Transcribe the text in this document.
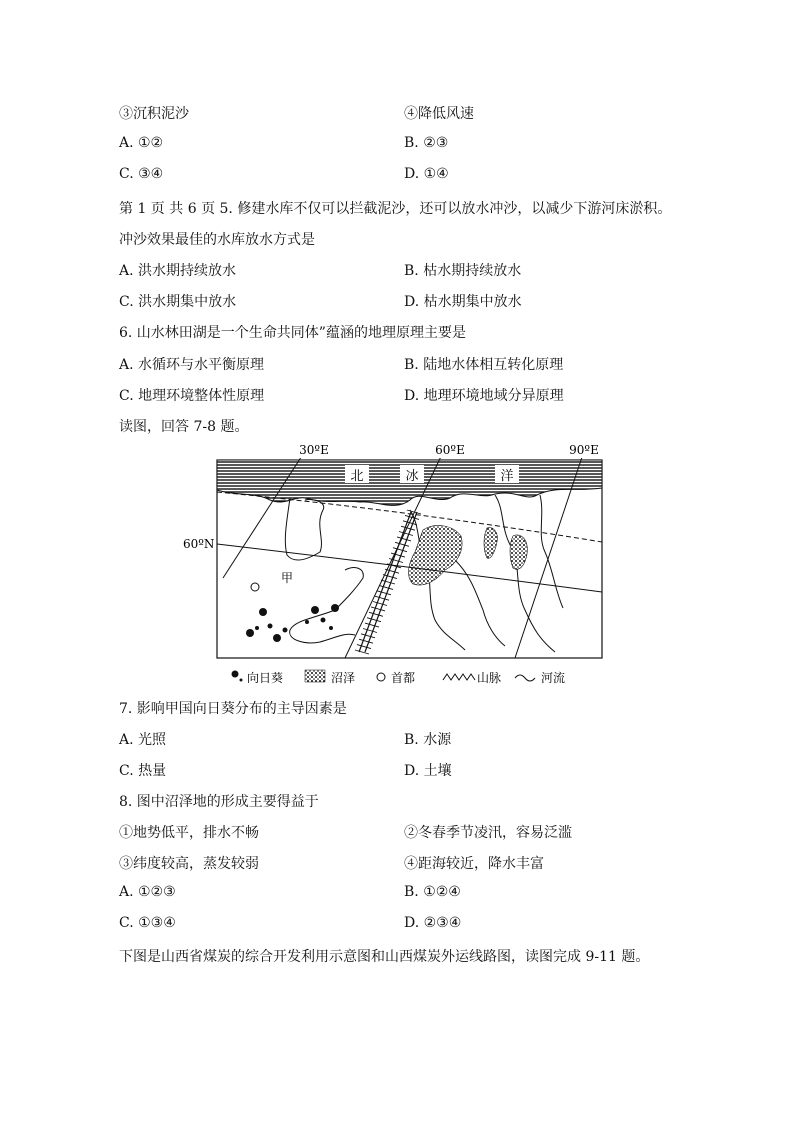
③沉积泥沙	④降低风速
A. ①②	B. ②③
C. ③④	D. ①④
第 1 页 共 6 页 5. 修建水库不仅可以拦截泥沙，还可以放水冲沙，以减少下游河床淤积。
冲沙效果最佳的水库放水方式是
A. 洪水期持续放水	B. 枯水期持续放水
C. 洪水期集中放水	D. 枯水期集中放水
6. 山水林田湖是一个生命共同体”蕴涵的地理原理主要是
A. 水循环与水平衡原理	B. 陆地水体相互转化原理
C. 地理环境整体性原理	D. 地理环境地域分异原理
读图，回答 7-8 题。
北	冰	洋
甲
30ºE	60ºE	90ºE
60ºN
向日葵	沼泽	首都	山脉	河流
7. 影响甲国向日葵分布的主导因素是
A. 光照	B. 水源
C. 热量	D. 土壤
8. 图中沼泽地的形成主要得益于
①地势低平，排水不畅	②冬春季节凌汛，容易泛滥
③纬度较高，蒸发较弱	④距海较近，降水丰富
A. ①②③	B. ①②④
C. ①③④	D. ②③④
下图是山西省煤炭的综合开发利用示意图和山西煤炭外运线路图，读图完成 9-11 题。
